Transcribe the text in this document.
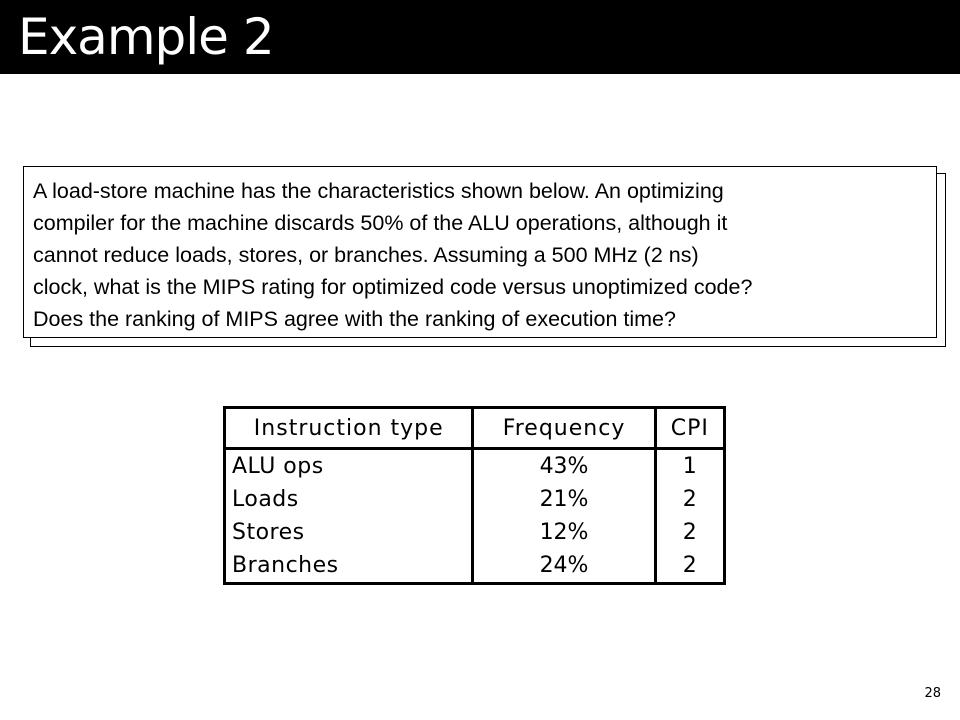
Example 2

A load-store machine has the characteristics shown below. An optimizing
compiler for the machine discards 50% of the ALU operations, although it
cannot reduce loads, stores, or branches. Assuming a 500 MHz (2 ns)
clock, what is the MIPS rating for optimized code versus unoptimized code?
Does the ranking of MIPS agree with the ranking of execution time?

Instruction type	Frequency	CPI
ALU ops	43%	1
Loads	21%	2
Stores	12%	2
Branches	24%	2
28
